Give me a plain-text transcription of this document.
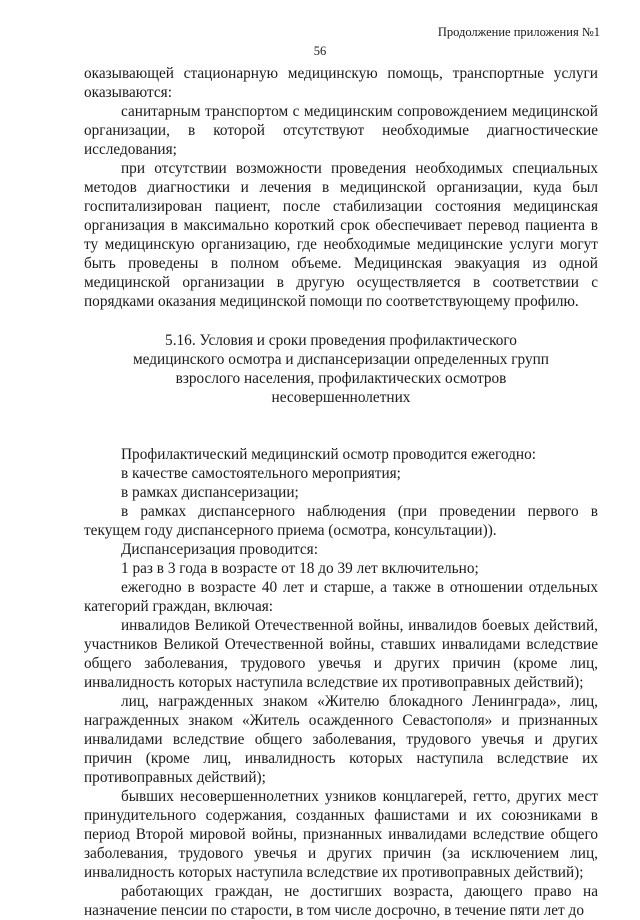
Продолжение приложения №1
56

оказывающей стационарную медицинскую помощь, транспортные услуги оказываются:

санитарным транспортом с медицинским сопровождением медицинской организации, в которой отсутствуют необходимые диагностические исследования;

при отсутствии возможности проведения необходимых специальных методов диагностики и лечения в медицинской организации, куда был госпитализирован пациент, после стабилизации состояния медицинская организация в максимально короткий срок обеспечивает перевод пациента в ту медицинскую организацию, где необходимые медицинские услуги могут быть проведены в полном объеме. Медицинская эвакуация из одной медицинской организации в другую осуществляется в соответствии с порядками оказания медицинской помощи по соответствующему профилю.

5.16. Условия и сроки проведения профилактического медицинского осмотра и диспансеризации определенных групп взрослого населения, профилактических осмотров несовершеннолетних

Профилактический медицинский осмотр проводится ежегодно:

в качестве самостоятельного мероприятия;

в рамках диспансеризации;

в рамках диспансерного наблюдения (при проведении первого в текущем году диспансерного приема (осмотра, консультации)).

Диспансеризация проводится:

1 раз в 3 года в возрасте от 18 до 39 лет включительно;

ежегодно в возрасте 40 лет и старше, а также в отношении отдельных категорий граждан, включая:

инвалидов Великой Отечественной войны, инвалидов боевых действий, участников Великой Отечественной войны, ставших инвалидами вследствие общего заболевания, трудового увечья и других причин (кроме лиц, инвалидность которых наступила вследствие их противоправных действий);

лиц, награжденных знаком «Жителю блокадного Ленинграда», лиц, награжденных знаком «Житель осажденного Севастополя» и признанных инвалидами вследствие общего заболевания, трудового увечья и других причин (кроме лиц, инвалидность которых наступила вследствие их противоправных действий);

бывших несовершеннолетних узников концлагерей, гетто, других мест принудительного содержания, созданных фашистами и их союзниками в период Второй мировой войны, признанных инвалидами вследствие общего заболевания, трудового увечья и других причин (за исключением лиц, инвалидность которых наступила вследствие их противоправных действий);

работающих граждан, не достигших возраста, дающего право на назначение пенсии по старости, в том числе досрочно, в течение пяти лет до
